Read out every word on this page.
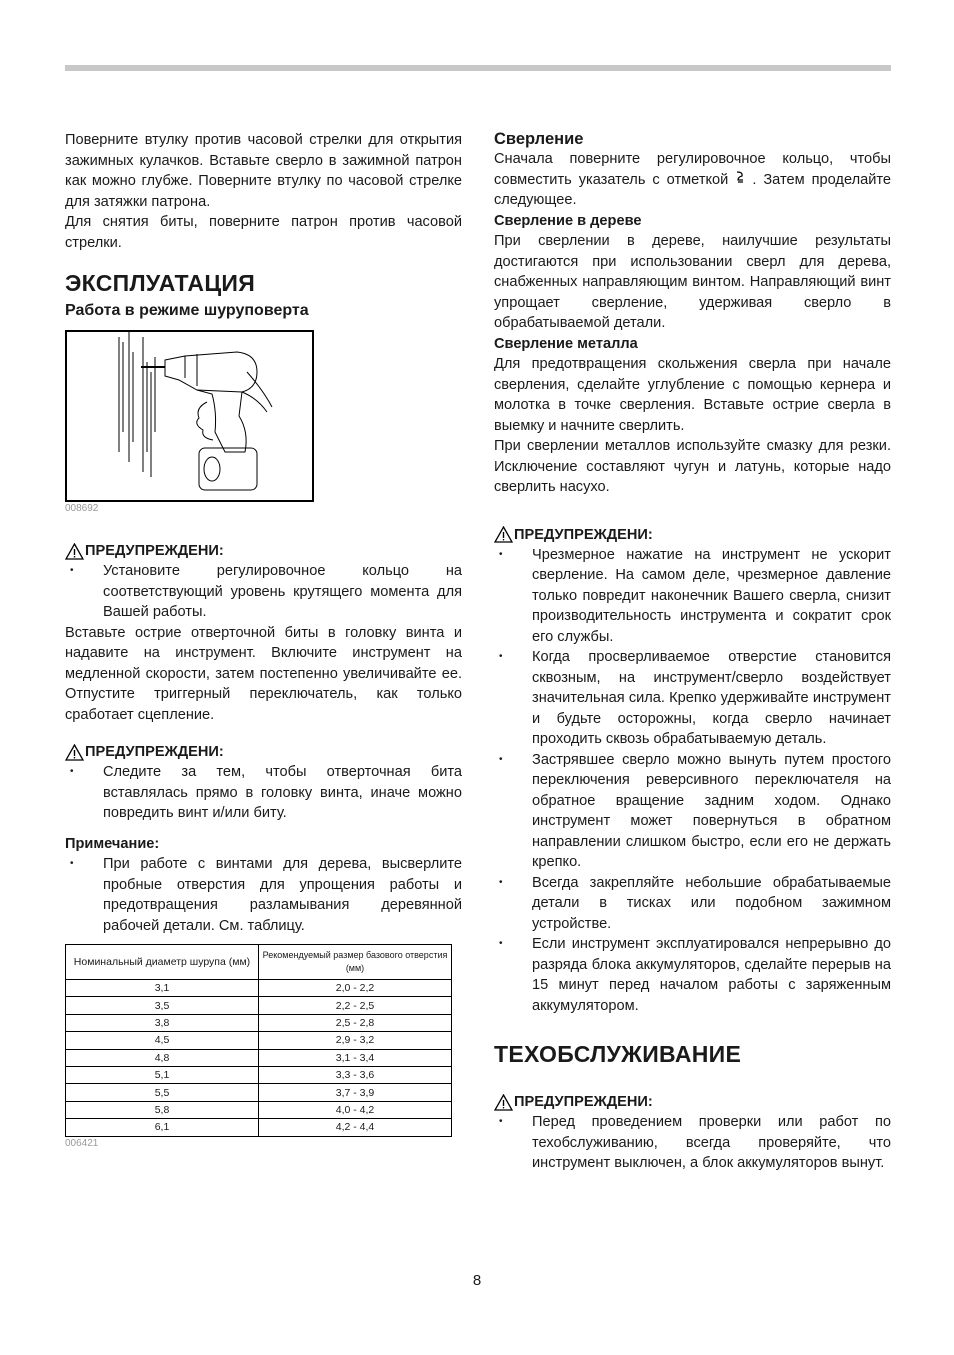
Поверните втулку против часовой стрелки для открытия зажимных кулачков. Вставьте сверло в зажимной патрон как можно глубже. Поверните втулку по часовой стрелке для затяжки патрона.

Для снятия биты, поверните патрон против часовой стрелки.

ЭКСПЛУАТАЦИЯ
Работа в режиме шуруповерта
008692
ПРЕДУПРЕЖДЕНИ:
• Установите регулировочное кольцо на соответствующий уровень крутящего момента для Вашей работы.

Вставьте острие отверточной биты в головку винта и надавите на инструмент. Включите инструмент на медленной скорости, затем постепенно увеличивайте ее. Отпустите триггерный переключатель, как только сработает сцепление.

ПРЕДУПРЕЖДЕНИ:
• Следите за тем, чтобы отверточная бита вставлялась прямо в головку винта, иначе можно повредить винт и/или биту.
Примечание:
• При работе с винтами для дерева, высверлите пробные отверстия для упрощения работы и предотвращения разламывания деревянной рабочей детали. См. таблицу.
Номинальный диаметр шурупа (мм)	Рекомендуемый размер базового отверстия (мм)
3,1	2,0 - 2,2
3,5	2,2 - 2,5
3,8	2,5 - 2,8
4,5	2,9 - 3,2
4,8	3,1 - 3,4
5,1	3,3 - 3,6
5,5	3,7 - 3,9
5,8	4,0 - 4,2
6,1	4,2 - 4,4
006421
Сверление

Сначала поверните регулировочное кольцо, чтобы совместить указатель с отметкой . Затем проделайте следующее.

Сверление в дереве

При сверлении в дереве, наилучшие результаты достигаются при использовании сверл для дерева, снабженных направляющим винтом. Направляющий винт упрощает сверление, удерживая сверло в обрабатываемой детали.

Сверление металла

Для предотвращения скольжения сверла при начале сверления, сделайте углубление с помощью кернера и молотка в точке сверления. Вставьте острие сверла в выемку и начните сверлить.

При сверлении металлов используйте смазку для резки. Исключение составляют чугун и латунь, которые надо сверлить насухо.

ПРЕДУПРЕЖДЕНИ:
• Чрезмерное нажатие на инструмент не ускорит сверление. На самом деле, чрезмерное давление только повредит наконечник Вашего сверла, снизит производительность инструмента и сократит срок его службы.
• Когда просверливаемое отверстие становится сквозным, на инструмент/сверло воздействует значительная сила. Крепко удерживайте инструмент и будьте осторожны, когда сверло начинает проходить сквозь обрабатываемую деталь.
• Застрявшее сверло можно вынуть путем простого переключения реверсивного переключателя на обратное вращение задним ходом. Однако инструмент может повернуться в обратном направлении слишком быстро, если его не держать крепко.
• Всегда закрепляйте небольшие обрабатываемые детали в тисках или подобном зажимном устройстве.
• Если инструмент эксплуатировался непрерывно до разряда блока аккумуляторов, сделайте перерыв на 15 минут перед началом работы с заряженным аккумулятором.
ТЕХОБСЛУЖИВАНИЕ
ПРЕДУПРЕЖДЕНИ:
• Перед проведением проверки или работ по техобслуживанию, всегда проверяйте, что инструмент выключен, а блок аккумуляторов вынут.
8
